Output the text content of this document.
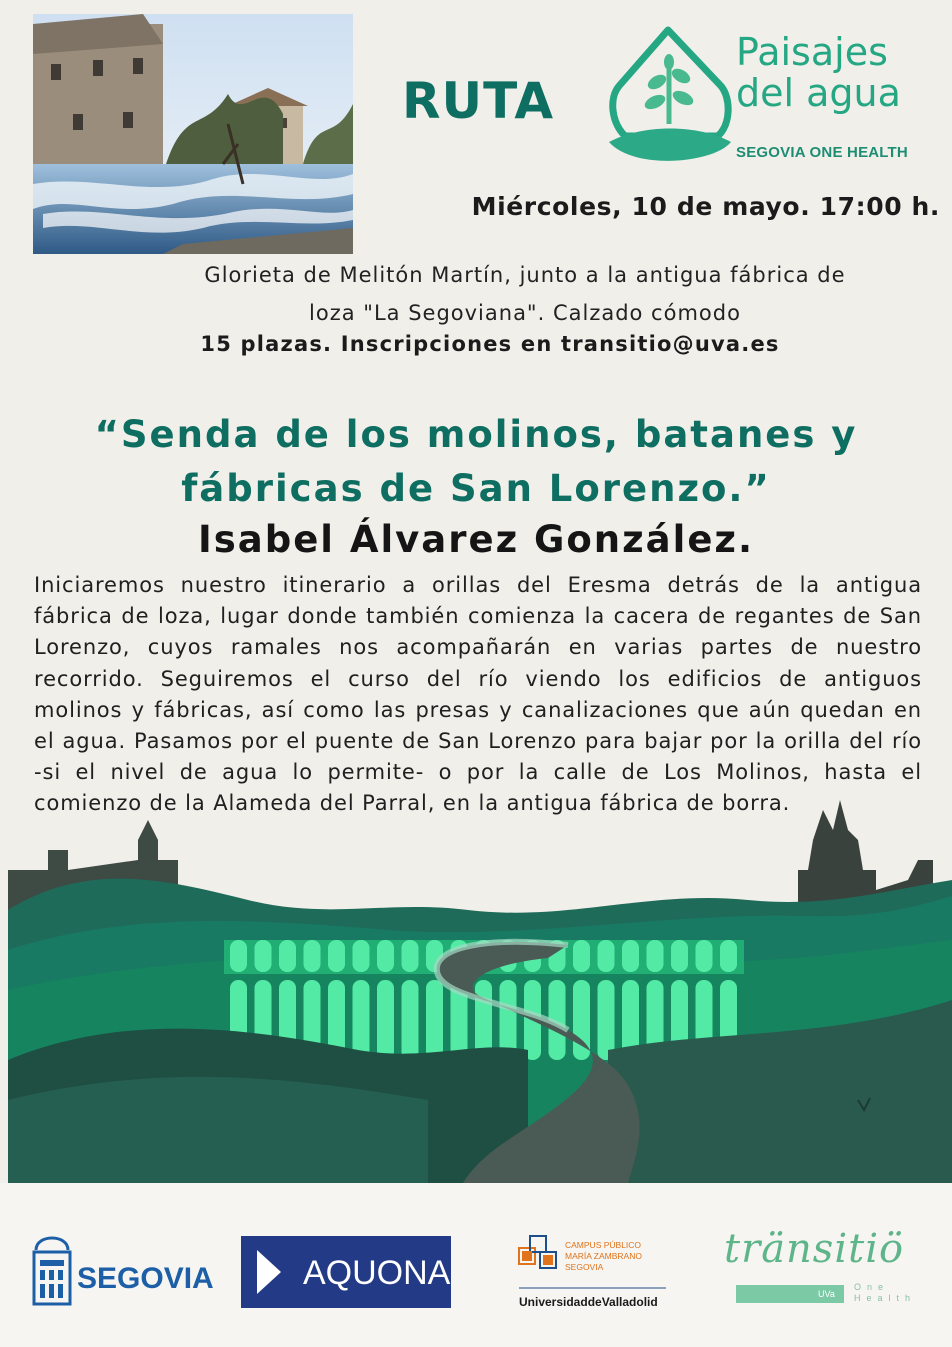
RUTA
Paisajes
del agua
SEGOVIA ONE HEALTH
Miércoles, 10 de mayo. 17:00 h.
Glorieta de Melitón Martín, junto a la antigua fábrica de
loza "La Segoviana". Calzado cómodo
15 plazas. Inscripciones en transitio@uva.es
“Senda de los molinos, batanes y
fábricas de San Lorenzo.”
Isabel Álvarez González.
Iniciaremos nuestro itinerario a orillas del Eresma detrás de la antigua fábrica de loza, lugar donde también comienza la cacera de regantes de San Lorenzo, cuyos ramales nos acompañarán en varias partes de nuestro recorrido. Seguiremos el curso del río viendo los edificios de antiguos molinos y fábricas, así como las presas y canalizaciones que aún quedan en el agua. Pasamos por el puente de San Lorenzo para bajar por la orilla del río -si el nivel de agua lo permite- o por la calle de Los Molinos, hasta el comienzo de la Alameda del Parral, en la antigua fábrica de borra.
SEGOVIA	AQUONA
CAMPUS PÚBLICO
MARÍA ZAMBRANO
SEGOVIA
UniversidaddeValladolid
tränsitiö
UVa
One
Health
